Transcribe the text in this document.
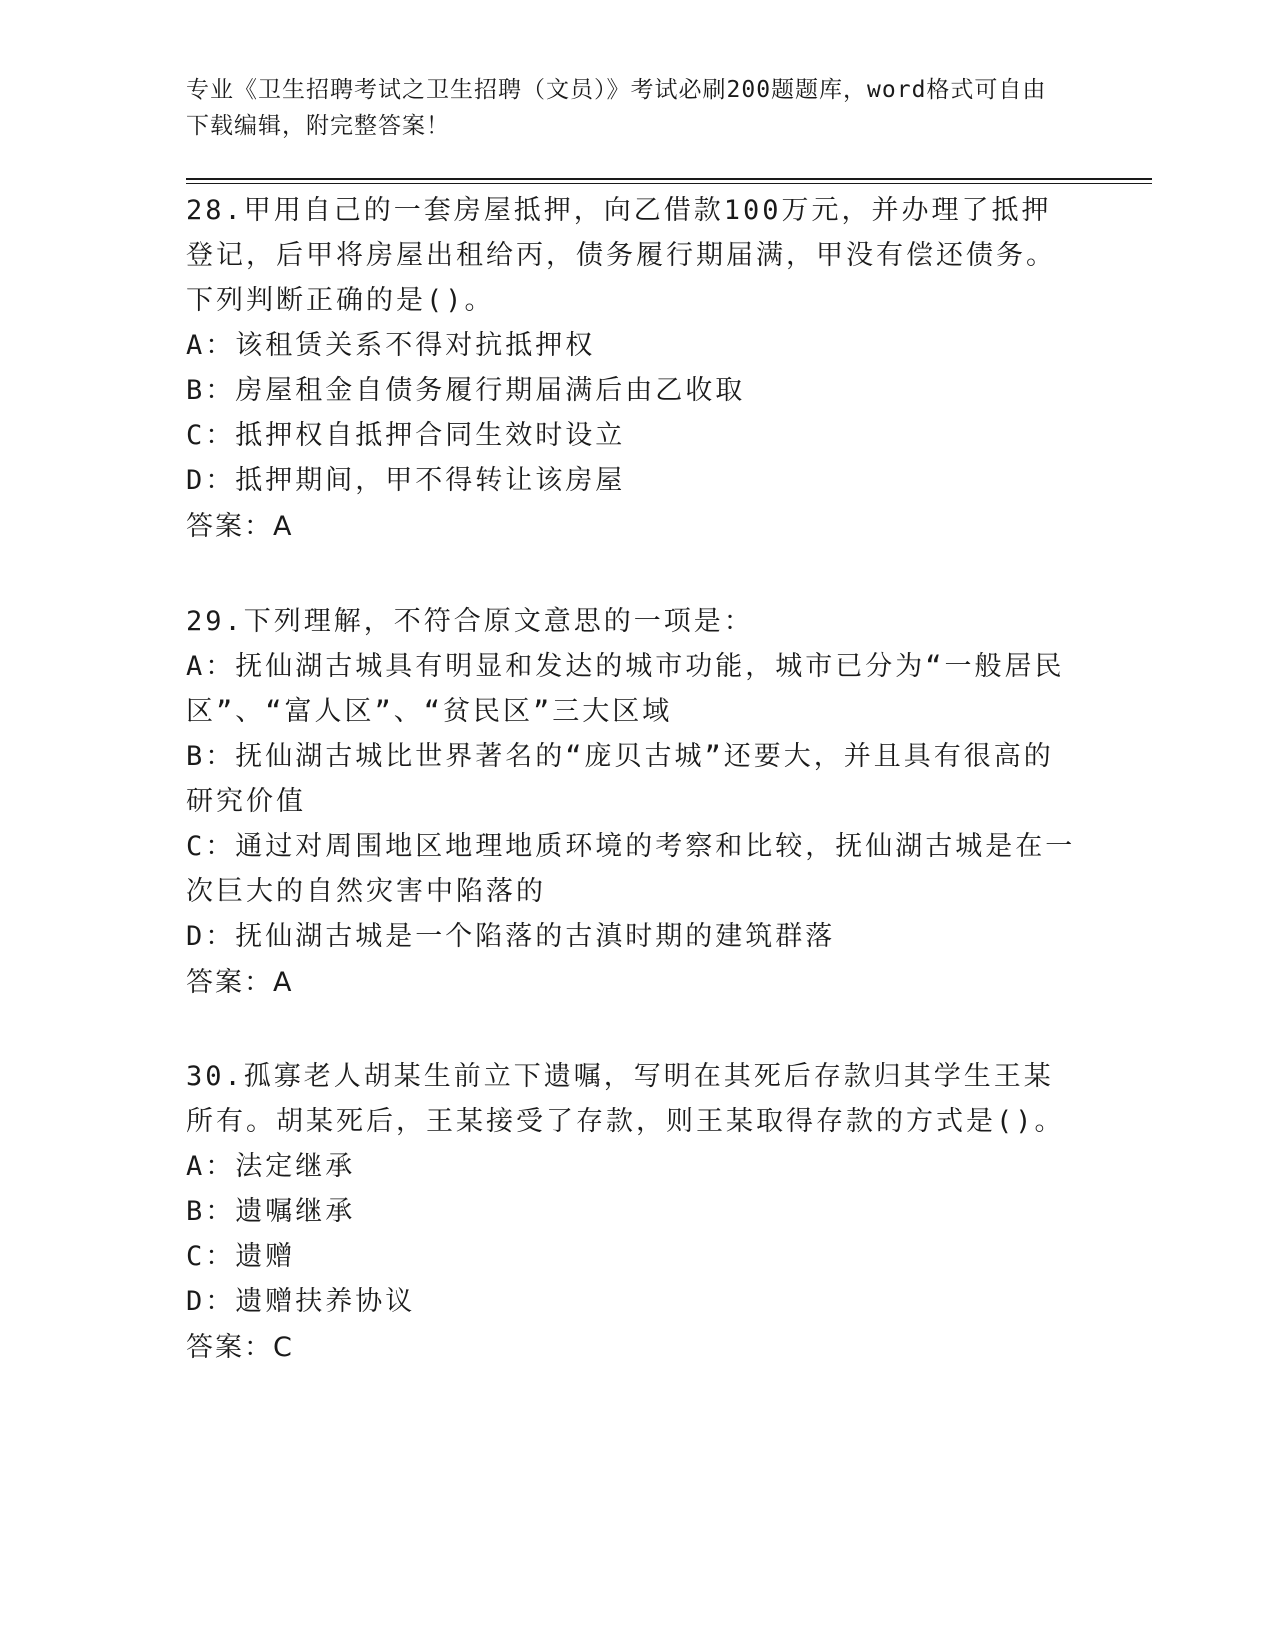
专业《卫生招聘考试之卫生招聘（文员）》考试必刷200题题库，word格式可自由下载编辑，附完整答案！
28.甲用自己的一套房屋抵押，向乙借款100万元，并办理了抵押登记，后甲将房屋出租给丙，债务履行期届满，甲没有偿还债务。下列判断正确的是()。
A：该租赁关系不得对抗抵押权
B：房屋租金自债务履行期届满后由乙收取
C：抵押权自抵押合同生效时设立
D：抵押期间，甲不得转让该房屋
答案：A
29.下列理解，不符合原文意思的一项是：
A：抚仙湖古城具有明显和发达的城市功能，城市已分为“一般居民区”、“富人区”、“贫民区”三大区域
B：抚仙湖古城比世界著名的“庞贝古城”还要大，并且具有很高的研究价值
C：通过对周围地区地理地质环境的考察和比较，抚仙湖古城是在一次巨大的自然灾害中陷落的
D：抚仙湖古城是一个陷落的古滇时期的建筑群落
答案：A
30.孤寡老人胡某生前立下遗嘱，写明在其死后存款归其学生王某所有。胡某死后，王某接受了存款，则王某取得存款的方式是()。
A：法定继承
B：遗嘱继承
C：遗赠
D：遗赠扶养协议
答案：C
